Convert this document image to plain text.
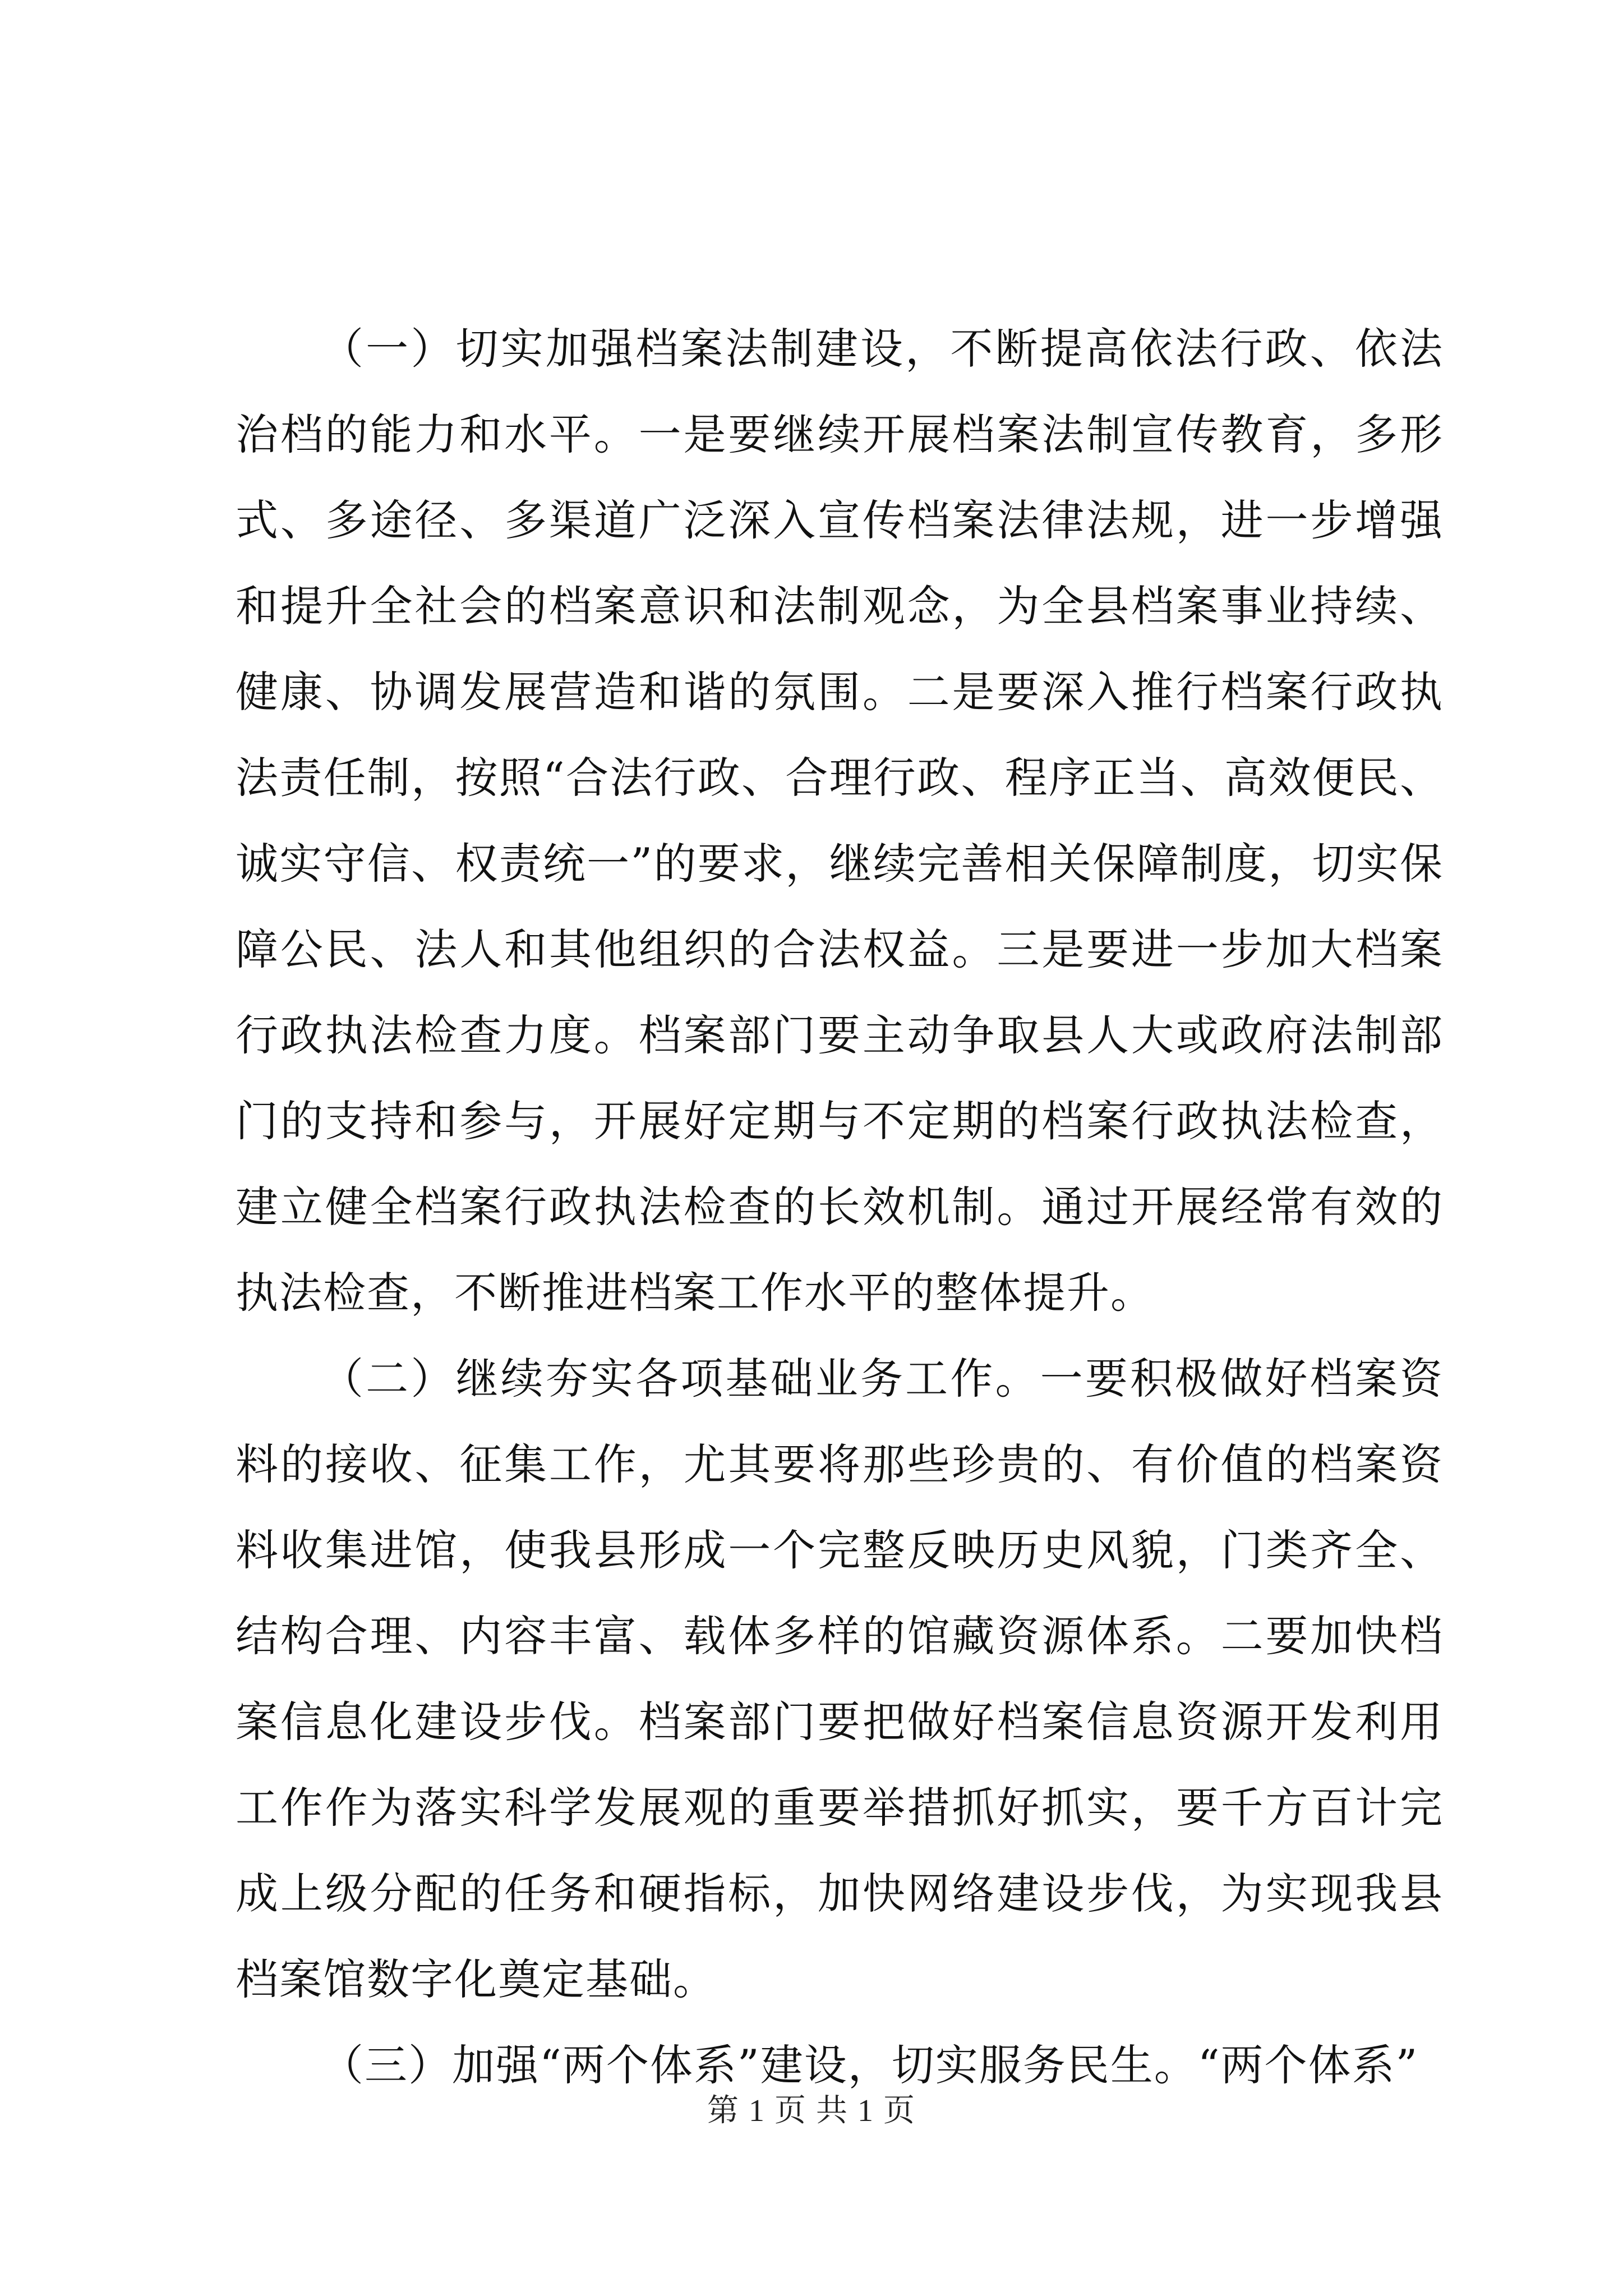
（一）切实加强档案法制建设，不断提高依法行政、依法治档的能力和水平。一是要继续开展档案法制宣传教育，多形式、多途径、多渠道广泛深入宣传档案法律法规，进一步增强和提升全社会的档案意识和法制观念，为全县档案事业持续、健康、协调发展营造和谐的氛围。二是要深入推行档案行政执法责任制，按照“合法行政、合理行政、程序正当、高效便民、诚实守信、权责统一”的要求，继续完善相关保障制度，切实保障公民、法人和其他组织的合法权益。三是要进一步加大档案行政执法检查力度。档案部门要主动争取县人大或政府法制部门的支持和参与，开展好定期与不定期的档案行政执法检查，建立健全档案行政执法检查的长效机制。通过开展经常有效的执法检查，不断推进档案工作水平的整体提升。

（二）继续夯实各项基础业务工作。一要积极做好档案资料的接收、征集工作，尤其要将那些珍贵的、有价值的档案资料收集进馆，使我县形成一个完整反映历史风貌，门类齐全、结构合理、内容丰富、载体多样的馆藏资源体系。二要加快档案信息化建设步伐。档案部门要把做好档案信息资源开发利用工作作为落实科学发展观的重要举措抓好抓实，要千方百计完成上级分配的任务和硬指标，加快网络建设步伐，为实现我县档案馆数字化奠定基础。

（三）加强“两个体系”建设，切实服务民生。“两个体系”

第 1 页 共 1 页
